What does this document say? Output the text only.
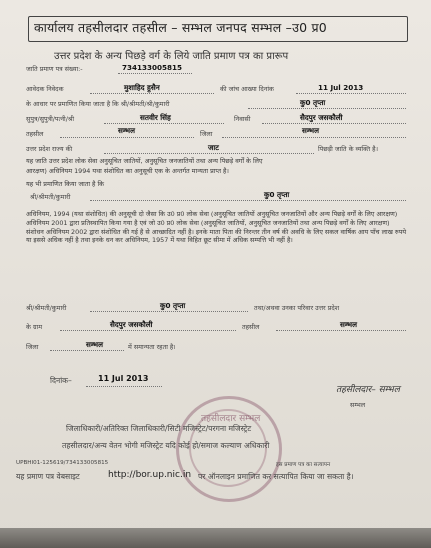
कार्यालय तहसीलदार तहसील – सम्भल जनपद सम्भल –उ0 प्र0
उत्तर प्रदेश के अन्य पिछड़े वर्ग के लिये जाति प्रमाण पत्र का प्रारूप
जाति प्रमाण पत्र संख्या:-	734133005815
आवेदक निवेदक	मुशाहिद हुसैन	की जांच आख्या दिनांक	11 Jul 2013
के आधार पर प्रमाणित किया जाता है कि श्री/श्रीमती/श्री/कुमारी	कु0 तृप्ता
सुपुत्र/सुपुत्री/पत्नी/श्री	सतवीर सिंह	निवासी	सैदपुर जसकौली
तहसील	सम्भल	जिला	सम्भल
उत्तर प्रदेश राज्य की	जाट	पिछड़ी जाति के व्यक्ति है।
यह जाति उत्तर प्रदेश लोक सेवा अनुसूचित जातियों, अनुसूचित जनजातियों तथा अन्य पिछड़े वर्गों के लिए
आरक्षण) अधिनियम 1994 यथा संशोधित का अनुसूची एक के अन्तर्गत मान्यता प्राप्त है।
यह भी प्रमाणित किया जाता है कि
श्री/श्रीमती/कुमारी	कु0 तृप्ता
अधिनियम, 1994 (यथा संशोधित) की अनुसूची दो जैसा कि उ0 प्र0 लोक सेवा (अनुसूचित जातियों अनुसूचित जनजातियों और अन्य पिछड़े वर्गों के लिए आरक्षण) अधिनियम 2001 द्वारा प्रतिस्थापित किया गया है एवं जो उ0 प्र0 लोक सेवा (अनुसूचित जातियों, अनुसूचित जनजातियों तथा अन्य पिछड़े वर्गों के लिए आरक्षण) संशोधन अधिनियम 2002 द्वारा संशोधित की गई है से आच्छादित नहीं है। इनके माता पिता की निरन्तर तीन वर्ष की अवधि के लिए सकल वार्षिक आय पाँच लाख रुपये या इससे अधिक नहीं है तथा इनके धन कर अधिनियम, 1957 में यथा विहित छूट सीमा में अधिक सम्पत्ति भी नहीं है।
श्री/श्रीमती/कुमारी	कु0 तृप्ता	तथा/अथवा उनका परिवार उत्तर प्रदेश
के ग्राम	सैदपुर जसकौली	तहसील	सम्भल
जिला	सम्भल	में समान्यता रहता है।
दिनांक–	11 Jul 2013
तहसीलदार सम्भल
तहसीलदार– सम्भल
सम्भल
जिलाधिकारी/अतिरिक्त जिलाधिकारी/सिटी मजिस्ट्रेट/परगना मजिस्ट्रेट
तहसीलदार/अन्य वेतन भोगी मजिस्ट्रेट यदि कोई हो/समाज कल्याण अधिकारी
UPBHI01-125619/734133005815	इस प्रमाण पत्र का सत्यापन
यह प्रमाण पत्र वेबसाइट	http://bor.up.nic.in पर ऑनलाइन प्रमाणित कर सत्यापित किया जा सकता है।
